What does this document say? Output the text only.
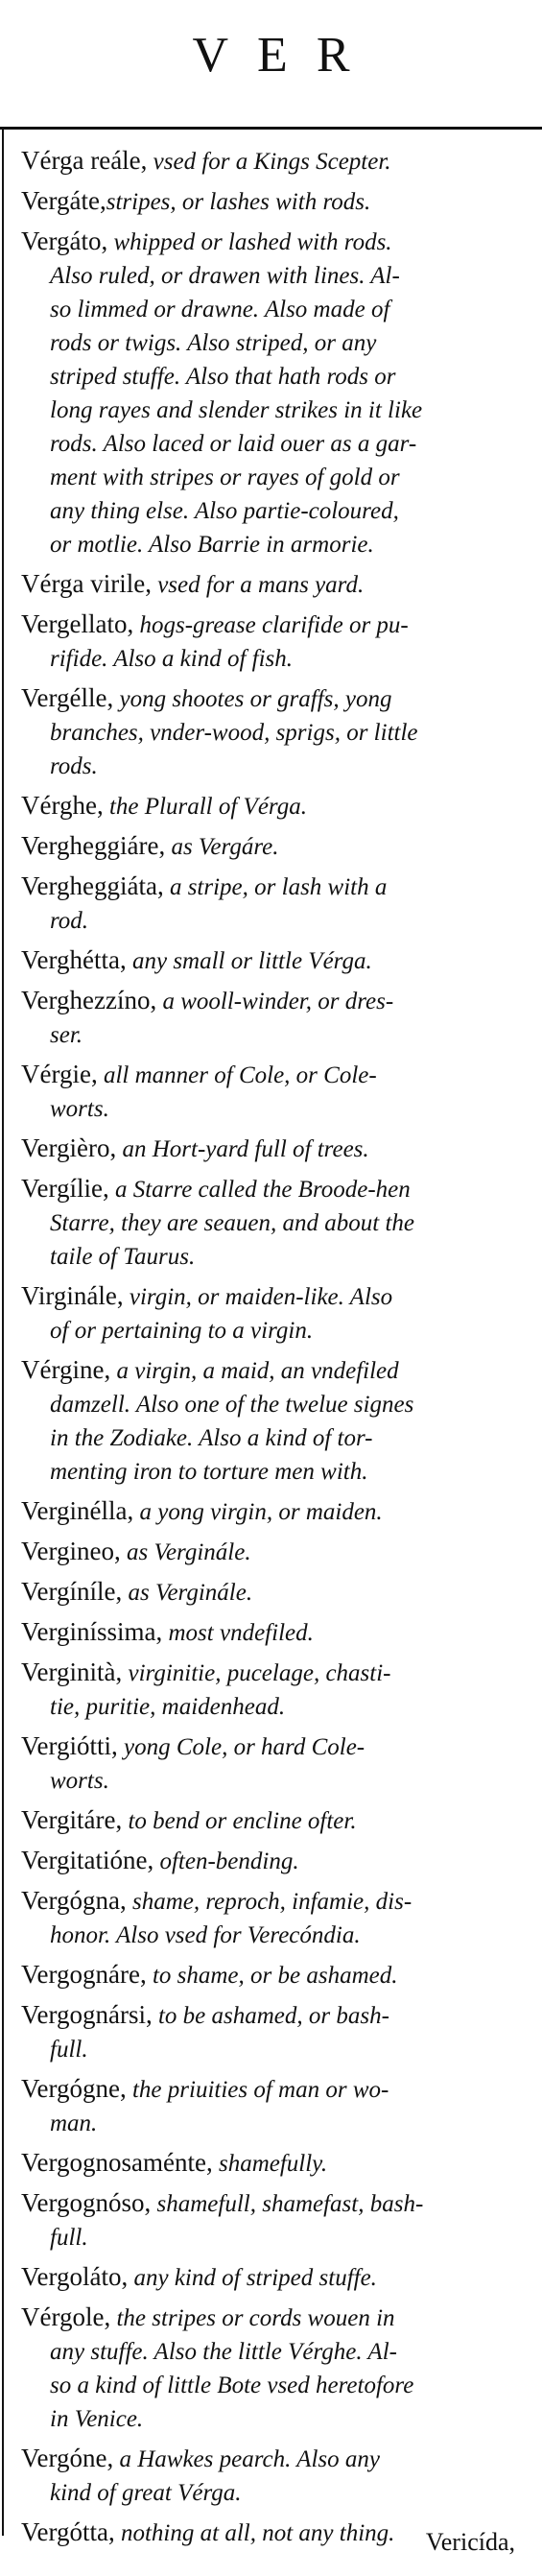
VER
Vérga reále, vsed for a Kings Scepter.
Vergáte,stripes, or lashes with rods.
Vergáto, whipped or lashed with rods.
Also ruled, or drawen with lines. Al-
so limmed or drawne. Also made of
rods or twigs. Also striped, or any
striped stuffe. Also that hath rods or
long rayes and slender strikes in it like
rods. Also laced or laid ouer as a gar-
ment with stripes or rayes of gold or
any thing else. Also partie-coloured,
or motlie. Also Barrie in armorie.
Vérga virile, vsed for a mans yard.
Vergellato, hogs-grease clarifide or pu-
rifide. Also a kind of fish.
Vergélle, yong shootes or graffs, yong
branches, vnder-wood, sprigs, or little
rods.
Vérghe, the Plurall of Vérga.
Vergheggiáre, as Vergáre.
Vergheggiáta, a stripe, or lash with a
rod.
Verghétta, any small or little Vérga.
Verghezzíno, a wooll-winder, or dres-
ser.
Vérgie, all manner of Cole, or Cole-
worts.
Vergièro, an Hort-yard full of trees.
Vergílie, a Starre called the Broode-hen
Starre, they are seauen, and about the
taile of Taurus.
Virginále, virgin, or maiden-like. Also
of or pertaining to a virgin.
Vérgine, a virgin, a maid, an vndefiled
damzell. Also one of the twelue signes
in the Zodiake. Also a kind of tor-
menting iron to torture men with.
Verginélla, a yong virgin, or maiden.
Vergineo, as Verginále.
Vergíníle, as Verginále.
Verginíssima, most vndefiled.
Verginità, virginitie, pucelage, chasti-
tie, puritie, maidenhead.
Vergiótti, yong Cole, or hard Cole-
worts.
Vergitáre, to bend or encline ofter.
Vergitatióne, often-bending.
Vergógna, shame, reproch, infamie, dis-
honor. Also vsed for Verecóndia.
Vergognáre, to shame, or be ashamed.
Vergognársi, to be ashamed, or bash-
full.
Vergógne, the priuities of man or wo-
man.
Vergognosaménte, shamefully.
Vergognóso, shamefull, shamefast, bash-
full.
Vergoláto, any kind of striped stuffe.
Vérgole, the stripes or cords wouen in
any stuffe. Also the little Vérghe. Al-
so a kind of little Bote vsed heretofore
in Venice.
Vergóne, a Hawkes pearch. Also any
kind of great Vérga.
Vergótta, nothing at all, not any thing.	Vericída,
